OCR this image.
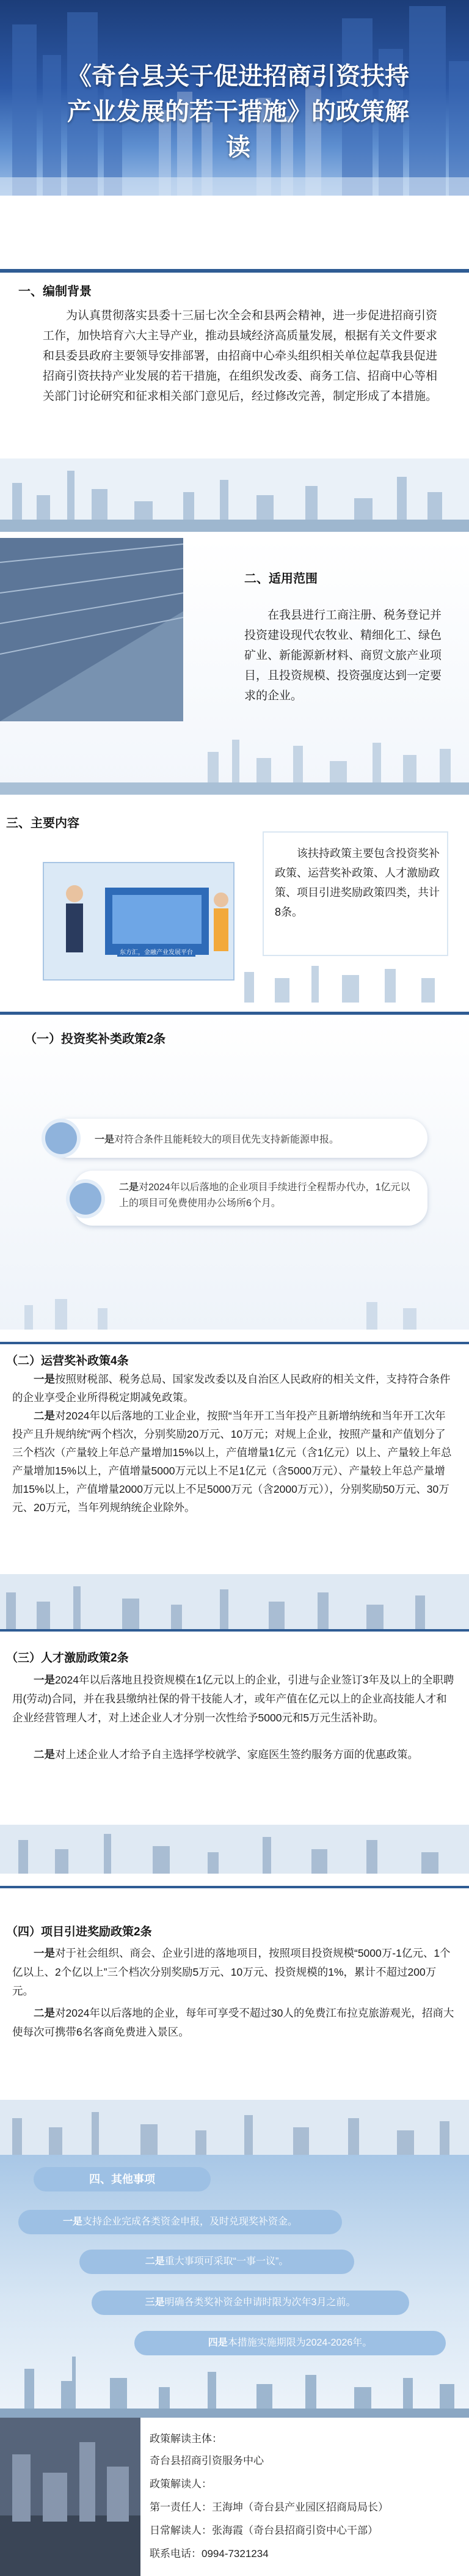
《奇台县关于促进招商引资扶持产业发展的若干措施》的政策解读
一、编制背景

为认真贯彻落实县委十三届七次全会和县两会精神，进一步促进招商引资工作，加快培育六大主导产业，推动县域经济高质量发展，根据有关文件要求和县委县政府主要领导安排部署，由招商中心牵头组织相关单位起草我县促进招商引资扶持产业发展的若干措施，在组织发改委、商务工信、招商中心等相关部门讨论研究和征求相关部门意见后，经过修改完善，制定形成了本措施。

二、适用范围

在我县进行工商注册、税务登记并投资建设现代农牧业、精细化工、绿色矿业、新能源新材料、商贸文旅产业项目，且投资规模、投资强度达到一定要求的企业。

三、主要内容
东方汇，金融产业发展平台

该扶持政策主要包含投资奖补政策、运营奖补政策、人才激励政策、项目引进奖励政策四类，共计8条。

（一）投资奖补类政策2条

一是对符合条件且能耗较大的项目优先支持新能源申报。

二是对2024年以后落地的企业项目手续进行全程帮办代办，1亿元以上的项目可免费使用办公场所6个月。

（二）运营奖补政策4条

一是按照财税部、税务总局、国家发改委以及自治区人民政府的相关文件，支持符合条件的企业享受企业所得税定期减免政策。

二是对2024年以后落地的工业企业，按照“当年开工当年投产且新增纳统和当年开工次年投产且升规纳统”两个档次，分别奖励20万元、10万元；对规上企业，按照产量和产值划分了三个档次（产量较上年总产量增加15%以上，产值增量1亿元（含1亿元）以上、产量较上年总产量增加15%以上，产值增量5000万元以上不足1亿元（含5000万元）、产量较上年总产量增加15%以上，产值增量2000万元以上不足5000万元（含2000万元）），分别奖励50万元、30万元、20万元，当年列规纳统企业除外。

（三）人才激励政策2条

一是2024年以后落地且投资规模在1亿元以上的企业，引进与企业签订3年及以上的全职聘用(劳动)合同，并在我县缴纳社保的骨干技能人才，或年产值在亿元以上的企业高技能人才和企业经营管理人才，对上述企业人才分别一次性给予5000元和5万元生活补助。

二是对上述企业人才给予自主选择学校就学、家庭医生签约服务方面的优惠政策。

（四）项目引进奖励政策2条

一是对于社会组织、商会、企业引进的落地项目，按照项目投资规模“5000万-1亿元、1个亿以上、2个亿以上”三个档次分别奖励5万元、10万元、投资规模的1%，累计不超过200万元。

二是对2024年以后落地的企业，每年可享受不超过30人的免费江布拉克旅游观光，招商大使每次可携带6名客商免费进入景区。

四、其他事项
一是支持企业完成各类资金申报，及时兑现奖补资金。
二是重大事项可采取“一事一议”。
三是明确各类奖补资金申请时限为次年3月之前。
四是本措施实施期限为2024-2026年。
政策解读主体：
奇台县招商引资服务中心
政策解读人：
第一责任人：王海坤（奇台县产业园区招商局局长）
日常解读人：张海霞（奇台县招商引资中心干部）
联系电话：0994-7321234
